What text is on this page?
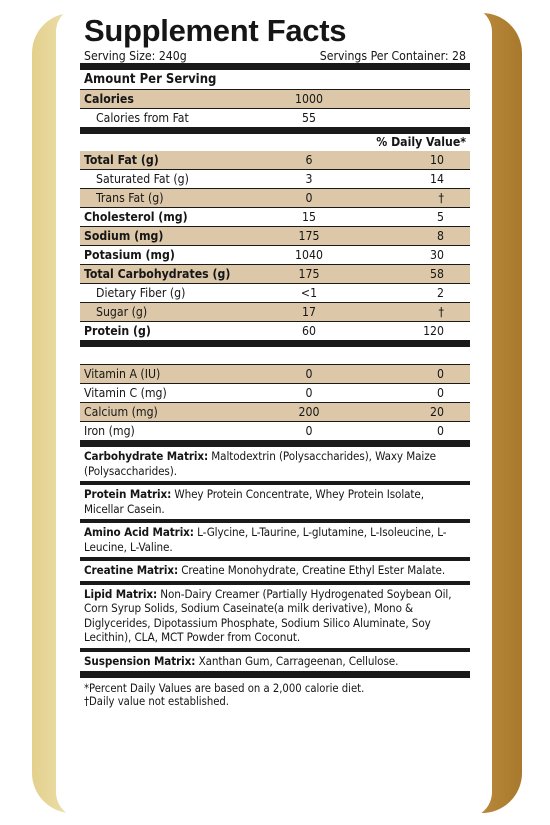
Supplement Facts
Serving Size: 240g	Servings Per Container: 28
Amount Per Serving
Calories	1000
Calories from Fat	55
% Daily Value*
Total Fat (g)	6	10
Saturated Fat (g)	3	14
Trans Fat (g)	0	†
Cholesterol (mg)	15	5
Sodium (mg)	175	8
Potasium (mg)	1040	30
Total Carbohydrates (g)	175	58
Dietary Fiber (g)	<1	2
Sugar (g)	17	†
Protein (g)	60	120
Vitamin A (IU)	0	0
Vitamin C (mg)	0	0
Calcium (mg)	200	20
Iron (mg)	0	0
Carbohydrate Matrix: Maltodextrin (Polysaccharides), Waxy Maize (Polysaccharides).
Protein Matrix: Whey Protein Concentrate, Whey Protein Isolate, Micellar Casein.
Amino Acid Matrix: L-Glycine, L-Taurine, L-glutamine, L-Isoleucine, L-Leucine, L-Valine.
Creatine Matrix: Creatine Monohydrate, Creatine Ethyl Ester Malate.
Lipid Matrix: Non-Dairy Creamer (Partially Hydrogenated Soybean Oil, Corn Syrup Solids, Sodium Caseinate(a milk derivative), Mono & Diglycerides, Dipotassium Phosphate, Sodium Silico Aluminate, Soy Lecithin), CLA, MCT Powder from Coconut.
Suspension Matrix: Xanthan Gum, Carrageenan, Cellulose.
*Percent Daily Values are based on a 2,000 calorie diet.
†Daily value not established.
